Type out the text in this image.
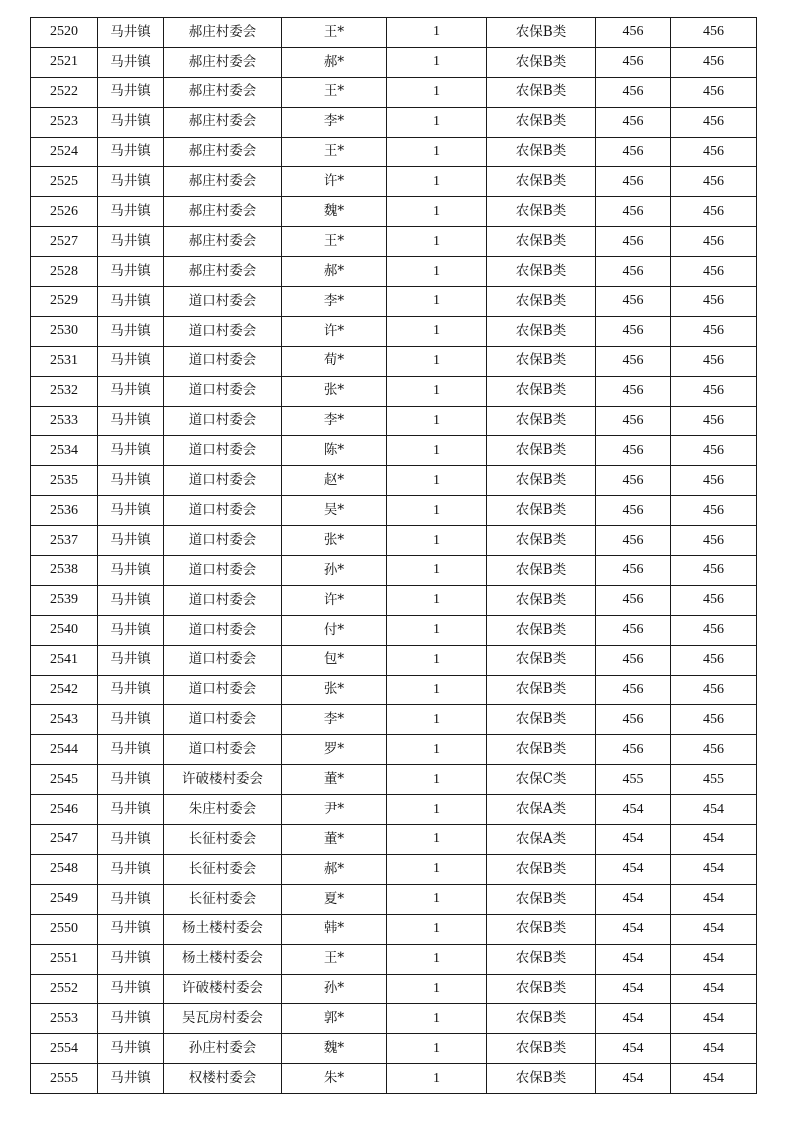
2520	马井镇	郝庄村委会	王*	1	农保B类	456	456
2521	马井镇	郝庄村委会	郝*	1	农保B类	456	456
2522	马井镇	郝庄村委会	王*	1	农保B类	456	456
2523	马井镇	郝庄村委会	李*	1	农保B类	456	456
2524	马井镇	郝庄村委会	王*	1	农保B类	456	456
2525	马井镇	郝庄村委会	许*	1	农保B类	456	456
2526	马井镇	郝庄村委会	魏*	1	农保B类	456	456
2527	马井镇	郝庄村委会	王*	1	农保B类	456	456
2528	马井镇	郝庄村委会	郝*	1	农保B类	456	456
2529	马井镇	道口村委会	李*	1	农保B类	456	456
2530	马井镇	道口村委会	许*	1	农保B类	456	456
2531	马井镇	道口村委会	荀*	1	农保B类	456	456
2532	马井镇	道口村委会	张*	1	农保B类	456	456
2533	马井镇	道口村委会	李*	1	农保B类	456	456
2534	马井镇	道口村委会	陈*	1	农保B类	456	456
2535	马井镇	道口村委会	赵*	1	农保B类	456	456
2536	马井镇	道口村委会	吴*	1	农保B类	456	456
2537	马井镇	道口村委会	张*	1	农保B类	456	456
2538	马井镇	道口村委会	孙*	1	农保B类	456	456
2539	马井镇	道口村委会	许*	1	农保B类	456	456
2540	马井镇	道口村委会	付*	1	农保B类	456	456
2541	马井镇	道口村委会	包*	1	农保B类	456	456
2542	马井镇	道口村委会	张*	1	农保B类	456	456
2543	马井镇	道口村委会	李*	1	农保B类	456	456
2544	马井镇	道口村委会	罗*	1	农保B类	456	456
2545	马井镇	许破楼村委会	董*	1	农保C类	455	455
2546	马井镇	朱庄村委会	尹*	1	农保A类	454	454
2547	马井镇	长征村委会	董*	1	农保A类	454	454
2548	马井镇	长征村委会	郝*	1	农保B类	454	454
2549	马井镇	长征村委会	夏*	1	农保B类	454	454
2550	马井镇	杨土楼村委会	韩*	1	农保B类	454	454
2551	马井镇	杨土楼村委会	王*	1	农保B类	454	454
2552	马井镇	许破楼村委会	孙*	1	农保B类	454	454
2553	马井镇	吴瓦房村委会	郭*	1	农保B类	454	454
2554	马井镇	孙庄村委会	魏*	1	农保B类	454	454
2555	马井镇	权楼村委会	朱*	1	农保B类	454	454
